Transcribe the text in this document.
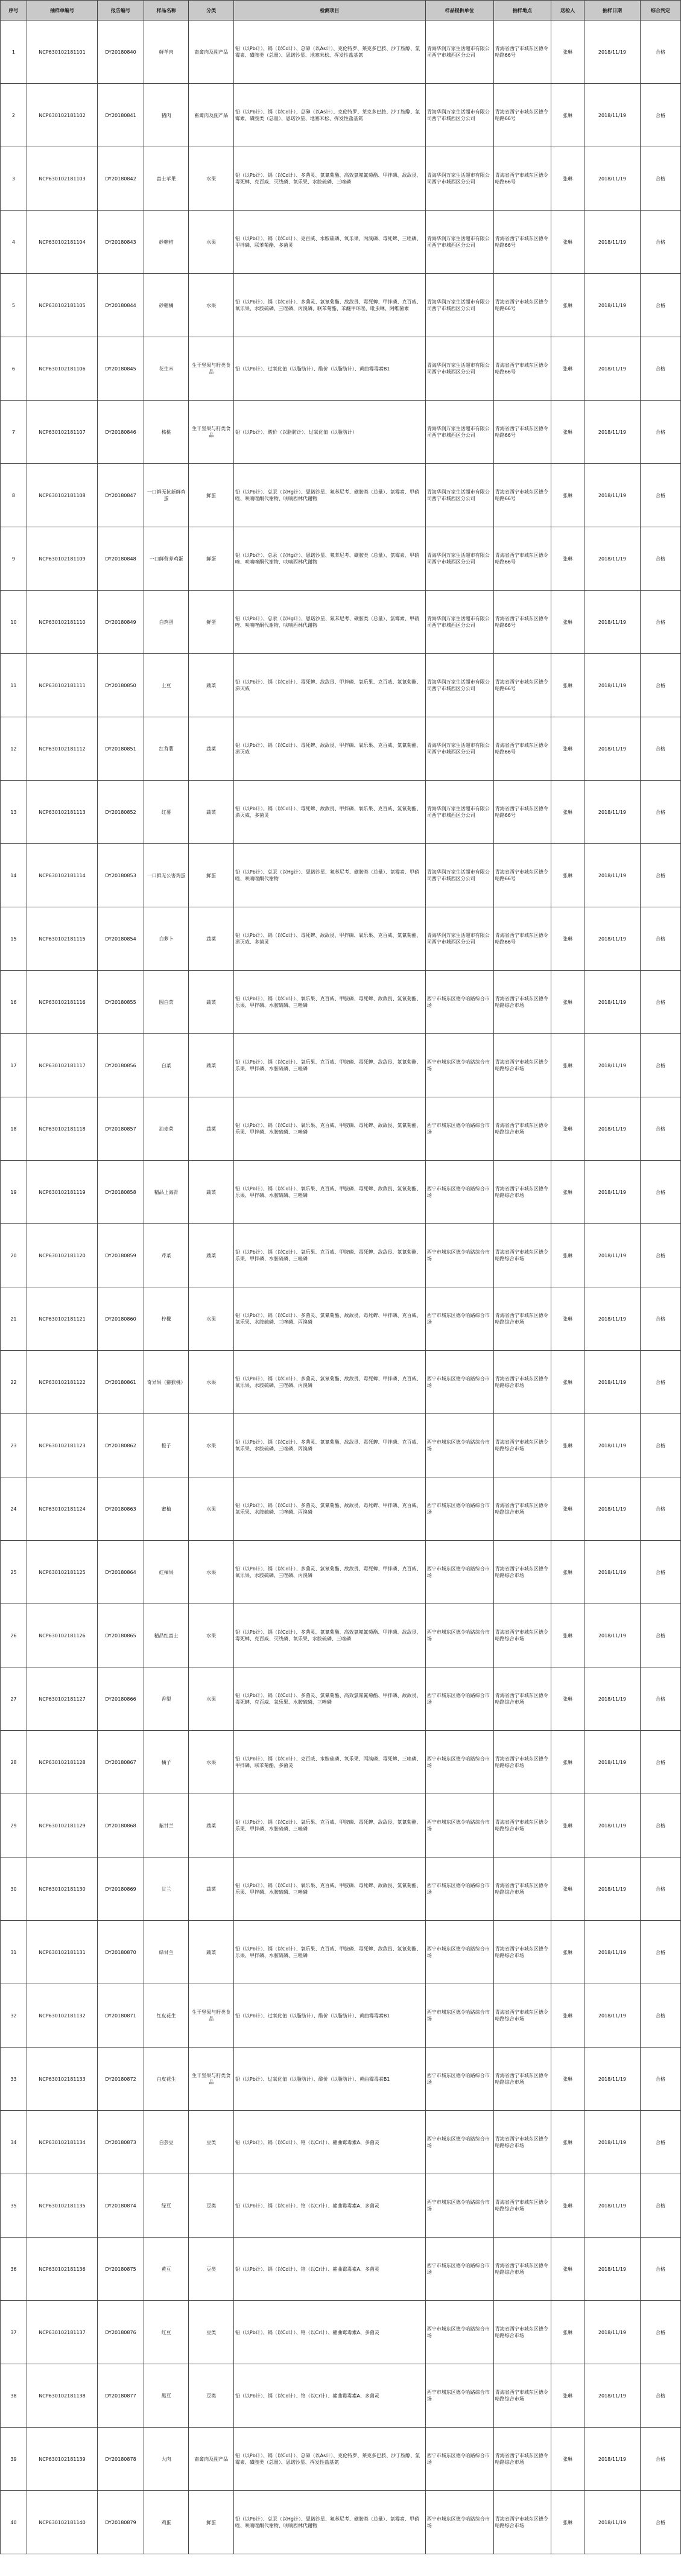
序号	抽样单编号	报告编号	样品名称	分类	检测项目	样品提供单位	抽样地点	送检人	抽样日期	综合判定
1	NCP630102181101	DY20180840	鲜羊肉	畜禽肉及副产品	铅（以Pb计）、镉（以Cd计）、总砷（以As计）、克伦特罗、莱克多巴胺、沙丁胺醇、氯霉素、磺胺类（总量）、恩诺沙星、地塞米松、挥发性盐基氮	青海华润万家生活超市有限公司西宁市城西区分公司	青海省西宁市城东区德令哈路66号	张琳	2018/11/19	合格
2	NCP630102181102	DY20180841	猪肉	畜禽肉及副产品	铅（以Pb计）、镉（以Cd计）、总砷（以As计）、克伦特罗、莱克多巴胺、沙丁胺醇、氯霉素、磺胺类（总量）、恩诺沙星、地塞米松、挥发性盐基氮	青海华润万家生活超市有限公司西宁市城西区分公司	青海省西宁市城东区德令哈路66号	张琳	2018/11/19	合格
3	NCP630102181103	DY20180842	富士苹果	水果	铅（以Pb计）、镉（以Cd计）、多菌灵、氯氰菊酯、高效氯氟氰菊酯、甲拌磷、敌敌畏、毒死蜱、克百威、灭线磷、氧乐果、水胺硫磷、三唑磷	青海华润万家生活超市有限公司西宁市城西区分公司	青海省西宁市城东区德令哈路66号	张琳	2018/11/19	合格
4	NCP630102181104	DY20180843	砂糖桔	水果	铅（以Pb计）、镉（以Cd计）、克百威、水胺硫磷、氧乐果、丙溴磷、毒死蜱、三唑磷、甲拌磷、联苯菊酯、多菌灵	青海华润万家生活超市有限公司西宁市城西区分公司	青海省西宁市城东区德令哈路66号	张琳	2018/11/19	合格
5	NCP630102181105	DY20180844	砂糖橘	水果	铅（以Pb计）、镉（以Cd计）、多菌灵、氯氰菊酯、敌敌畏、毒死蜱、甲拌磷、克百威、氧乐果、水胺硫磷、三唑磷、丙溴磷、联苯菊酯、苯醚甲环唑、吡虫啉、阿维菌素	青海华润万家生活超市有限公司西宁市城西区分公司	青海省西宁市城东区德令哈路66号	张琳	2018/11/19	合格
6	NCP630102181106	DY20180845	花生米	生干坚果与籽类食品	铅（以Pb计）、过氧化值（以脂肪计）、酸价（以脂肪计）、黄曲霉毒素B1	青海华润万家生活超市有限公司西宁市城西区分公司	青海省西宁市城东区德令哈路66号	张琳	2018/11/19	合格
7	NCP630102181107	DY20180846	核桃	生干坚果与籽类食品	铅（以Pb计）、酸价（以脂肪计）、过氧化值（以脂肪计）	青海华润万家生活超市有限公司西宁市城西区分公司	青海省西宁市城东区德令哈路66号	张琳	2018/11/19	合格
8	NCP630102181108	DY20180847	一口鲜无抗新鲜鸡蛋	鲜蛋	铅（以Pb计）、总汞（以Hg计）、恩诺沙星、氟苯尼考、磺胺类（总量）、氯霉素、甲硝唑、呋喃唑酮代谢物、呋喃西林代谢物	青海华润万家生活超市有限公司西宁市城西区分公司	青海省西宁市城东区德令哈路66号	张琳	2018/11/19	合格
9	NCP630102181109	DY20180848	一口鲜营养鸡蛋	鲜蛋	铅（以Pb计）、总汞（以Hg计）、恩诺沙星、氟苯尼考、磺胺类（总量）、氯霉素、甲硝唑、呋喃唑酮代谢物、呋喃西林代谢物	青海华润万家生活超市有限公司西宁市城西区分公司	青海省西宁市城东区德令哈路66号	张琳	2018/11/19	合格
10	NCP630102181110	DY20180849	白鸡蛋	鲜蛋	铅（以Pb计）、总汞（以Hg计）、恩诺沙星、氟苯尼考、磺胺类（总量）、氯霉素、甲硝唑、呋喃唑酮代谢物、呋喃西林代谢物	青海华润万家生活超市有限公司西宁市城西区分公司	青海省西宁市城东区德令哈路66号	张琳	2018/11/19	合格
11	NCP630102181111	DY20180850	土豆	蔬菜	铅（以Pb计）、镉（以Cd计）、毒死蜱、敌敌畏、甲拌磷、氧乐果、克百威、氯氰菊酯、涕灭威	青海华润万家生活超市有限公司西宁市城西区分公司	青海省西宁市城东区德令哈路66号	张琳	2018/11/19	合格
12	NCP630102181112	DY20180851	红苕薯	蔬菜	铅（以Pb计）、镉（以Cd计）、毒死蜱、敌敌畏、甲拌磷、氧乐果、克百威、氯氰菊酯、涕灭威	青海华润万家生活超市有限公司西宁市城西区分公司	青海省西宁市城东区德令哈路66号	张琳	2018/11/19	合格
13	NCP630102181113	DY20180852	红薯	蔬菜	铅（以Pb计）、镉（以Cd计）、毒死蜱、敌敌畏、甲拌磷、氧乐果、克百威、氯氰菊酯、涕灭威、多菌灵	青海华润万家生活超市有限公司西宁市城西区分公司	青海省西宁市城东区德令哈路66号	张琳	2018/11/19	合格
14	NCP630102181114	DY20180853	一口鲜无公害鸡蛋	鲜蛋	铅（以Pb计）、总汞（以Hg计）、恩诺沙星、氟苯尼考、磺胺类（总量）、氯霉素、甲硝唑、呋喃唑酮代谢物	青海华润万家生活超市有限公司西宁市城西区分公司	青海省西宁市城东区德令哈路66号	张琳	2018/11/19	合格
15	NCP630102181115	DY20180854	白萝卜	蔬菜	铅（以Pb计）、镉（以Cd计）、毒死蜱、敌敌畏、甲拌磷、氧乐果、克百威、氯氰菊酯、涕灭威、多菌灵	青海华润万家生活超市有限公司西宁市城西区分公司	青海省西宁市城东区德令哈路66号	张琳	2018/11/19	合格
16	NCP630102181116	DY20180855	圆白菜	蔬菜	铅（以Pb计）、镉（以Cd计）、氧乐果、克百威、甲胺磷、毒死蜱、敌敌畏、氯氰菊酯、乐果、甲拌磷、水胺硫磷、三唑磷	西宁市城东区德令哈路综合市场	青海省西宁市城东区德令哈路综合市场	张琳	2018/11/19	合格
17	NCP630102181117	DY20180856	白菜	蔬菜	铅（以Pb计）、镉（以Cd计）、氧乐果、克百威、甲胺磷、毒死蜱、敌敌畏、氯氰菊酯、乐果、甲拌磷、水胺硫磷、三唑磷	西宁市城东区德令哈路综合市场	青海省西宁市城东区德令哈路综合市场	张琳	2018/11/19	合格
18	NCP630102181118	DY20180857	油麦菜	蔬菜	铅（以Pb计）、镉（以Cd计）、氧乐果、克百威、甲胺磷、毒死蜱、敌敌畏、氯氰菊酯、乐果、甲拌磷、水胺硫磷、三唑磷	西宁市城东区德令哈路综合市场	青海省西宁市城东区德令哈路综合市场	张琳	2018/11/19	合格
19	NCP630102181119	DY20180858	精品上海青	蔬菜	铅（以Pb计）、镉（以Cd计）、氧乐果、克百威、甲胺磷、毒死蜱、敌敌畏、氯氰菊酯、乐果、甲拌磷、水胺硫磷、三唑磷	西宁市城东区德令哈路综合市场	青海省西宁市城东区德令哈路综合市场	张琳	2018/11/19	合格
20	NCP630102181120	DY20180859	芹菜	蔬菜	铅（以Pb计）、镉（以Cd计）、氧乐果、克百威、甲胺磷、毒死蜱、敌敌畏、氯氰菊酯、乐果、甲拌磷、水胺硫磷、三唑磷	西宁市城东区德令哈路综合市场	青海省西宁市城东区德令哈路综合市场	张琳	2018/11/19	合格
21	NCP630102181121	DY20180860	柠檬	水果	铅（以Pb计）、镉（以Cd计）、多菌灵、氯氰菊酯、敌敌畏、毒死蜱、甲拌磷、克百威、氧乐果、水胺硫磷、三唑磷、丙溴磷	西宁市城东区德令哈路综合市场	青海省西宁市城东区德令哈路综合市场	张琳	2018/11/19	合格
22	NCP630102181122	DY20180861	奇异果（猕猴桃）	水果	铅（以Pb计）、镉（以Cd计）、多菌灵、氯氰菊酯、敌敌畏、毒死蜱、甲拌磷、克百威、氧乐果、水胺硫磷、三唑磷、丙溴磷	西宁市城东区德令哈路综合市场	青海省西宁市城东区德令哈路综合市场	张琳	2018/11/19	合格
23	NCP630102181123	DY20180862	橙子	水果	铅（以Pb计）、镉（以Cd计）、多菌灵、氯氰菊酯、敌敌畏、毒死蜱、甲拌磷、克百威、氧乐果、水胺硫磷、三唑磷、丙溴磷	西宁市城东区德令哈路综合市场	青海省西宁市城东区德令哈路综合市场	张琳	2018/11/19	合格
24	NCP630102181124	DY20180863	蜜柚	水果	铅（以Pb计）、镉（以Cd计）、多菌灵、氯氰菊酯、敌敌畏、毒死蜱、甲拌磷、克百威、氧乐果、水胺硫磷、三唑磷、丙溴磷	西宁市城东区德令哈路综合市场	青海省西宁市城东区德令哈路综合市场	张琳	2018/11/19	合格
25	NCP630102181125	DY20180864	红柚果	水果	铅（以Pb计）、镉（以Cd计）、多菌灵、氯氰菊酯、敌敌畏、毒死蜱、甲拌磷、克百威、氧乐果、水胺硫磷、三唑磷、丙溴磷	西宁市城东区德令哈路综合市场	青海省西宁市城东区德令哈路综合市场	张琳	2018/11/19	合格
26	NCP630102181126	DY20180865	精品红富士	水果	铅（以Pb计）、镉（以Cd计）、多菌灵、氯氰菊酯、高效氯氟氰菊酯、甲拌磷、敌敌畏、毒死蜱、克百威、灭线磷、氧乐果、水胺硫磷、三唑磷	西宁市城东区德令哈路综合市场	青海省西宁市城东区德令哈路综合市场	张琳	2018/11/19	合格
27	NCP630102181127	DY20180866	香梨	水果	铅（以Pb计）、镉（以Cd计）、多菌灵、氯氰菊酯、高效氯氟氰菊酯、甲拌磷、敌敌畏、毒死蜱、克百威、氧乐果、水胺硫磷、三唑磷	西宁市城东区德令哈路综合市场	青海省西宁市城东区德令哈路综合市场	张琳	2018/11/19	合格
28	NCP630102181128	DY20180867	橘子	水果	铅（以Pb计）、镉（以Cd计）、克百威、水胺硫磷、氧乐果、丙溴磷、毒死蜱、三唑磷、甲拌磷、联苯菊酯、多菌灵	西宁市城东区德令哈路综合市场	青海省西宁市城东区德令哈路综合市场	张琳	2018/11/19	合格
29	NCP630102181129	DY20180868	紫甘兰	蔬菜	铅（以Pb计）、镉（以Cd计）、氧乐果、克百威、甲胺磷、毒死蜱、敌敌畏、氯氰菊酯、乐果、甲拌磷、水胺硫磷、三唑磷	西宁市城东区德令哈路综合市场	青海省西宁市城东区德令哈路综合市场	张琳	2018/11/19	合格
30	NCP630102181130	DY20180869	甘兰	蔬菜	铅（以Pb计）、镉（以Cd计）、氧乐果、克百威、甲胺磷、毒死蜱、敌敌畏、氯氰菊酯、乐果、甲拌磷、水胺硫磷、三唑磷	西宁市城东区德令哈路综合市场	青海省西宁市城东区德令哈路综合市场	张琳	2018/11/19	合格
31	NCP630102181131	DY20180870	绿甘兰	蔬菜	铅（以Pb计）、镉（以Cd计）、氧乐果、克百威、甲胺磷、毒死蜱、敌敌畏、氯氰菊酯、乐果、甲拌磷、水胺硫磷、三唑磷	西宁市城东区德令哈路综合市场	青海省西宁市城东区德令哈路综合市场	张琳	2018/11/19	合格
32	NCP630102181132	DY20180871	红皮花生	生干坚果与籽类食品	铅（以Pb计）、过氧化值（以脂肪计）、酸价（以脂肪计）、黄曲霉毒素B1	西宁市城东区德令哈路综合市场	青海省西宁市城东区德令哈路综合市场	张琳	2018/11/19	合格
33	NCP630102181133	DY20180872	白皮花生	生干坚果与籽类食品	铅（以Pb计）、过氧化值（以脂肪计）、酸价（以脂肪计）、黄曲霉毒素B1	西宁市城东区德令哈路综合市场	青海省西宁市城东区德令哈路综合市场	张琳	2018/11/19	合格
34	NCP630102181134	DY20180873	白芸豆	豆类	铅（以Pb计）、镉（以Cd计）、铬（以Cr计）、赭曲霉毒素A、多菌灵	西宁市城东区德令哈路综合市场	青海省西宁市城东区德令哈路综合市场	张琳	2018/11/19	合格
35	NCP630102181135	DY20180874	绿豆	豆类	铅（以Pb计）、镉（以Cd计）、铬（以Cr计）、赭曲霉毒素A、多菌灵	西宁市城东区德令哈路综合市场	青海省西宁市城东区德令哈路综合市场	张琳	2018/11/19	合格
36	NCP630102181136	DY20180875	黄豆	豆类	铅（以Pb计）、镉（以Cd计）、铬（以Cr计）、赭曲霉毒素A、多菌灵	西宁市城东区德令哈路综合市场	青海省西宁市城东区德令哈路综合市场	张琳	2018/11/19	合格
37	NCP630102181137	DY20180876	红豆	豆类	铅（以Pb计）、镉（以Cd计）、铬（以Cr计）、赭曲霉毒素A、多菌灵	西宁市城东区德令哈路综合市场	青海省西宁市城东区德令哈路综合市场	张琳	2018/11/19	合格
38	NCP630102181138	DY20180877	黑豆	豆类	铅（以Pb计）、镉（以Cd计）、铬（以Cr计）、赭曲霉毒素A、多菌灵	西宁市城东区德令哈路综合市场	青海省西宁市城东区德令哈路综合市场	张琳	2018/11/19	合格
39	NCP630102181139	DY20180878	大肉	畜禽肉及副产品	铅（以Pb计）、镉（以Cd计）、总砷（以As计）、克伦特罗、莱克多巴胺、沙丁胺醇、氯霉素、磺胺类（总量）、恩诺沙星、挥发性盐基氮	西宁市城东区德令哈路综合市场	青海省西宁市城东区德令哈路综合市场	张琳	2018/11/19	合格
40	NCP630102181140	DY20180879	鸡蛋	鲜蛋	铅（以Pb计）、总汞（以Hg计）、恩诺沙星、氟苯尼考、磺胺类（总量）、氯霉素、甲硝唑、呋喃唑酮代谢物、呋喃西林代谢物	西宁市城东区德令哈路综合市场	青海省西宁市城东区德令哈路综合市场	张琳	2018/11/19	合格
